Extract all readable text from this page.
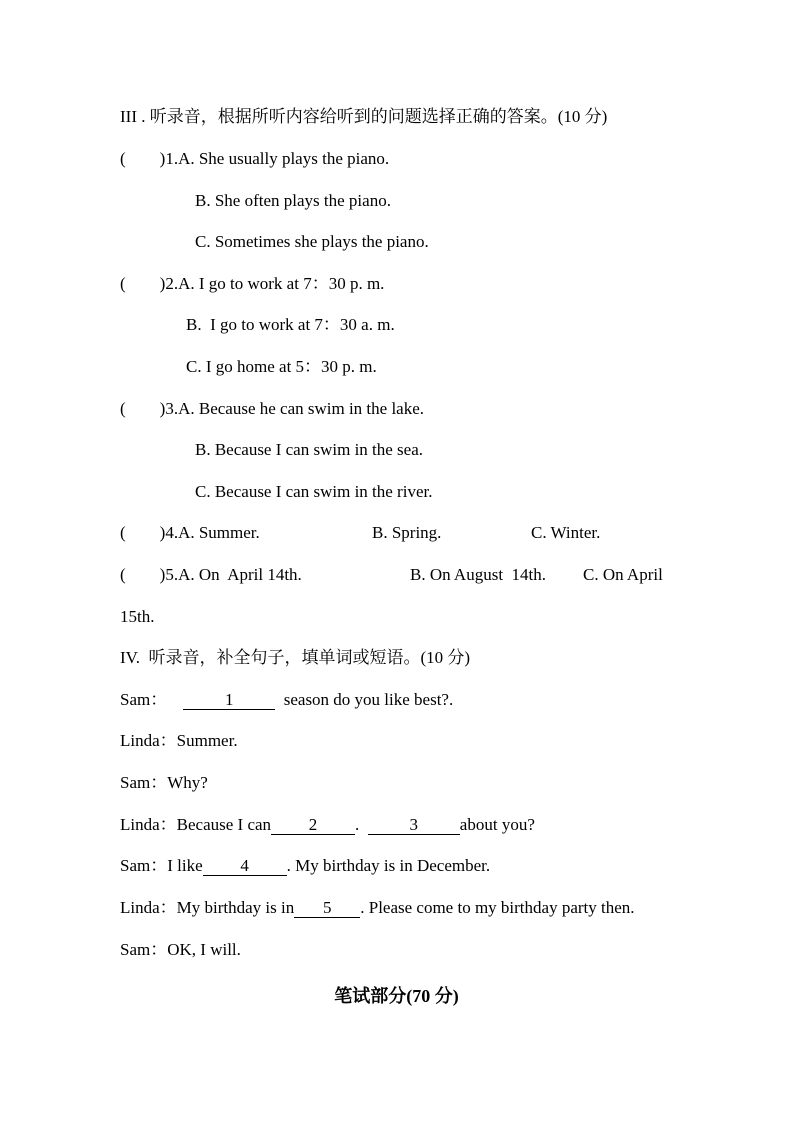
III . 听录音，根据所听内容给听到的问题选择正确的答案。(10 分)
(        )1.A. She usually plays the piano.
B. She often plays the piano.
C. Sometimes she plays the piano.
(        )2.A. I go to work at 7：30 p. m.
B.  I go to work at 7：30 a. m.
C. I go home at 5：30 p. m.
(        )3.A. Because he can swim in the lake.
B. Because I can swim in the sea.
C. Because I can swim in the river.
(        )4.A. Summer.	B. Spring.	C. Winter.
(        )5.A. On  April 14th.	B. On August  14th. C. On April
15th.
IV.  听录音，补全句子，填单词或短语。(10 分)
Sam：	1  season do you like best?.
Linda：Summer.
Sam：Why?
Linda：Because I can 2 .  3 about you?
Sam：I like 4 . My birthday is in December.
Linda：My birthday is in 5 . Please come to my birthday party then.
Sam：OK, I will.
笔试部分(70 分)
